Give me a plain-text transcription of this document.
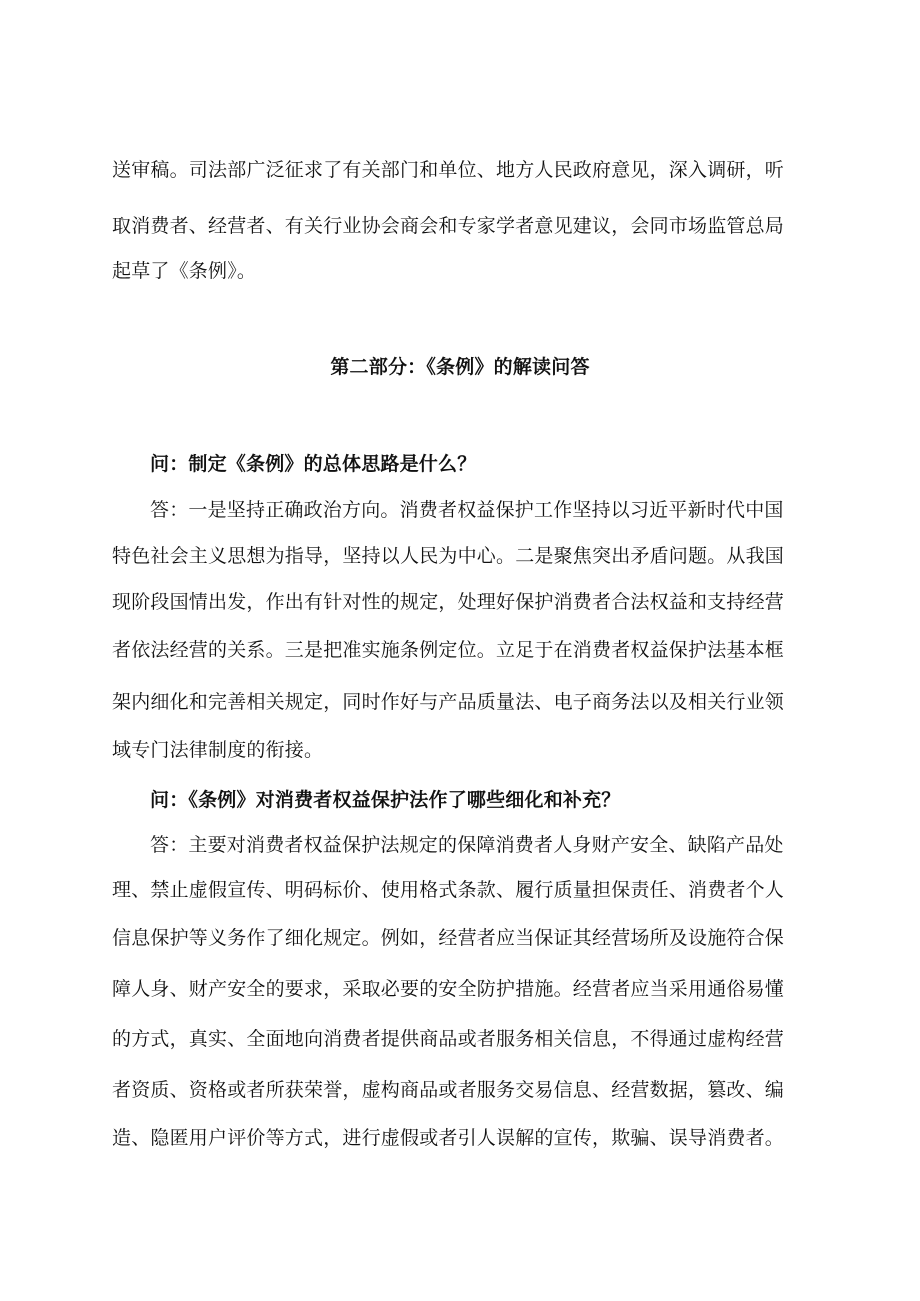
送审稿。司法部广泛征求了有关部门和单位、地方人民政府意见，深入调研，听
取消费者、经营者、有关行业协会商会和专家学者意见建议，会同市场监管总局
起草了《条例》。
第二部分：《条例》的解读问答
问：制定《条例》的总体思路是什么？
答：一是坚持正确政治方向。消费者权益保护工作坚持以习近平新时代中国
特色社会主义思想为指导，坚持以人民为中心。二是聚焦突出矛盾问题。从我国
现阶段国情出发，作出有针对性的规定，处理好保护消费者合法权益和支持经营
者依法经营的关系。三是把准实施条例定位。立足于在消费者权益保护法基本框
架内细化和完善相关规定，同时作好与产品质量法、电子商务法以及相关行业领
域专门法律制度的衔接。
问：《条例》对消费者权益保护法作了哪些细化和补充？
答：主要对消费者权益保护法规定的保障消费者人身财产安全、缺陷产品处
理、禁止虚假宣传、明码标价、使用格式条款、履行质量担保责任、消费者个人
信息保护等义务作了细化规定。例如，经营者应当保证其经营场所及设施符合保
障人身、财产安全的要求，采取必要的安全防护措施。经营者应当采用通俗易懂
的方式，真实、全面地向消费者提供商品或者服务相关信息，不得通过虚构经营
者资质、资格或者所获荣誉，虚构商品或者服务交易信息、经营数据，篡改、编
造、隐匿用户评价等方式，进行虚假或者引人误解的宣传，欺骗、误导消费者。
